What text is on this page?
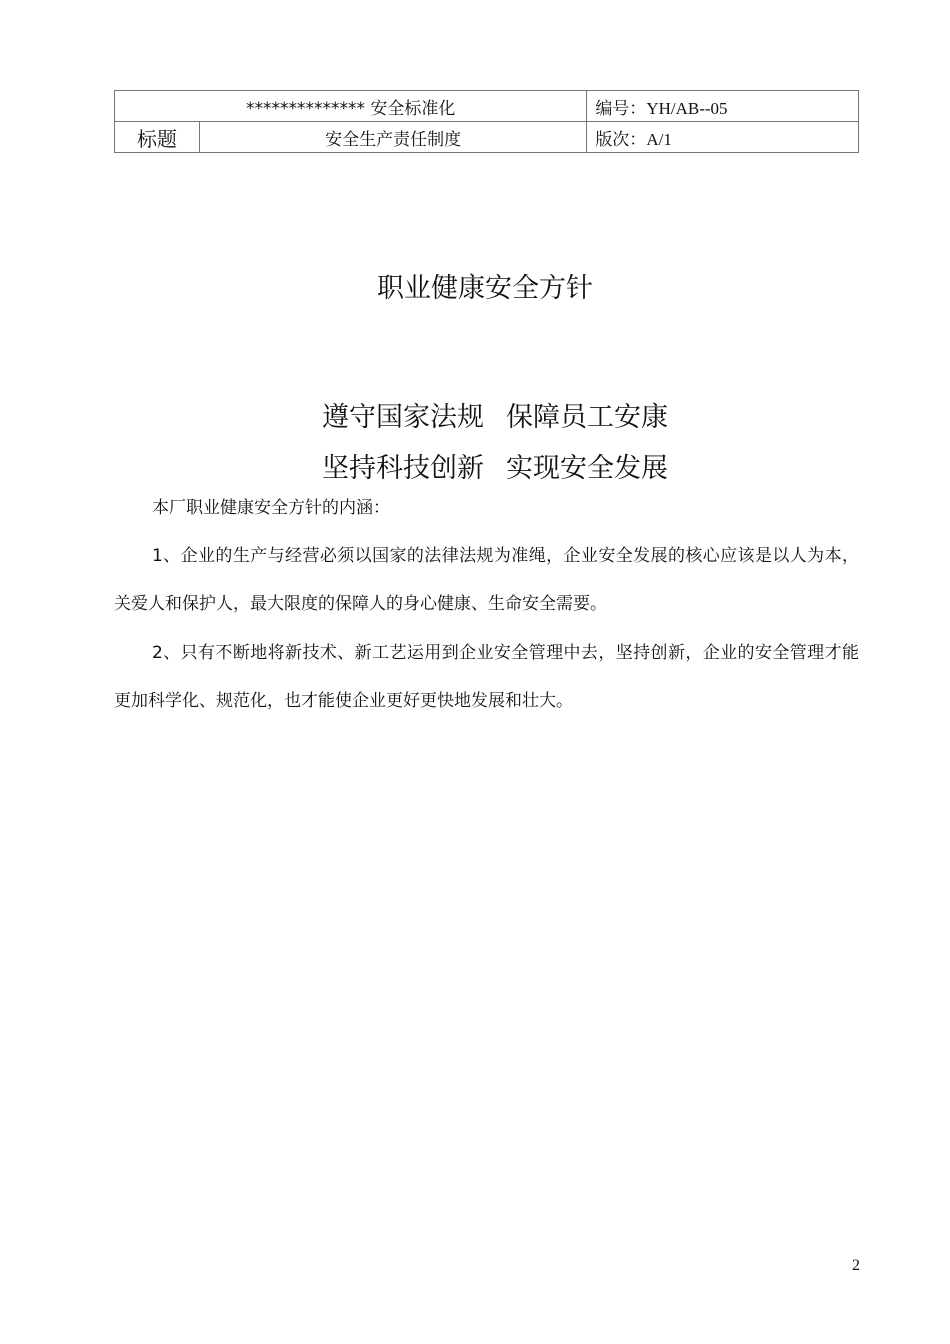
************** 安全标准化		编号：YH/AB--05
标题	安全生产责任制度	版次：A/1
职业健康安全方针
遵守国家法规 保障员工安康
坚持科技创新 实现安全发展

本厂职业健康安全方针的内涵：

1、企业的生产与经营必须以国家的法律法规为准绳，企业安全发展的核心应该是以人为本，关爱人和保护人，最大限度的保障人的身心健康、生命安全需要。

2、只有不断地将新技术、新工艺运用到企业安全管理中去，坚持创新，企业的安全管理才能更加科学化、规范化，也才能使企业更好更快地发展和壮大。

2
